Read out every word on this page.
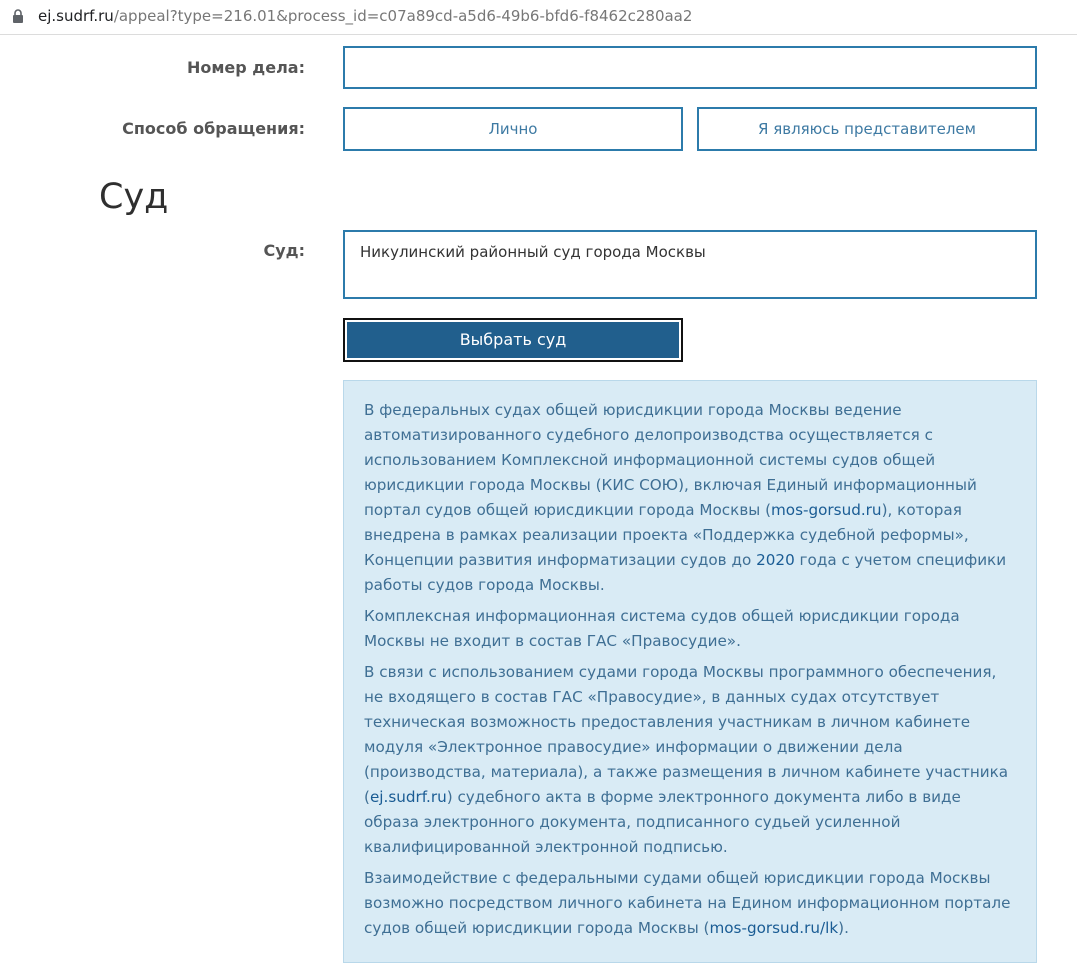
ej.sudrf.ru/appeal?type=216.01&process_id=c07a89cd-a5d6-49b6-bfd6-f8462c280aa2
Номер дела:
Способ обращения:	Лично	Я являюсь представителем
Суд
Суд:	Никулинский районный суд города Москвы
Выбрать суд

В федеральных судах общей юрисдикции города Москвы ведение автоматизированного судебного делопроизводства осуществляется с использованием Комплексной информационной системы судов общей юрисдикции города Москвы (КИС СОЮ), включая Единый информационный портал судов общей юрисдикции города Москвы (mos-gorsud.ru), которая внедрена в рамках реализации проекта «Поддержка судебной реформы», Концепции развития информатизации судов до 2020 года с учетом специфики работы судов города Москвы.

Комплексная информационная система судов общей юрисдикции города Москвы не входит в состав ГАС «Правосудие».

В связи с использованием судами города Москвы программного обеспечения, не входящего в состав ГАС «Правосудие», в данных судах отсутствует техническая возможность предоставления участникам в личном кабинете модуля «Электронное правосудие» информации о движении дела (производства, материала), а также размещения в личном кабинете участника (ej.sudrf.ru) судебного акта в форме электронного документа либо в виде образа электронного документа, подписанного судьей усиленной квалифицированной электронной подписью.

Взаимодействие с федеральными судами общей юрисдикции города Москвы возможно посредством личного кабинета на Едином информационном портале судов общей юрисдикции города Москвы (mos-gorsud.ru/lk).
